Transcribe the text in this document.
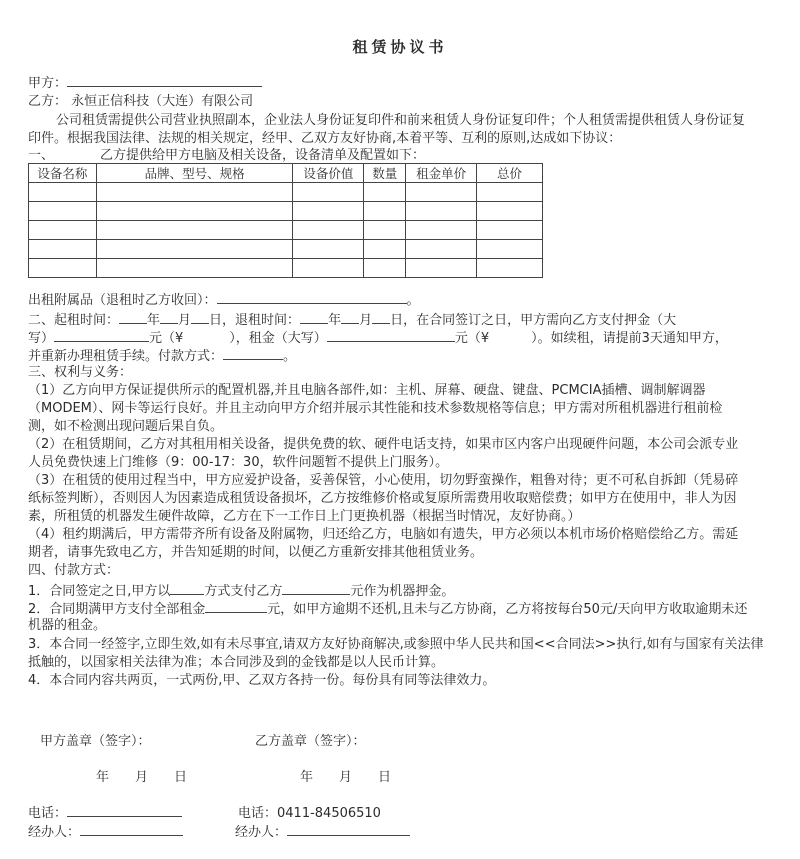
租赁协议书
甲方：
乙方： 永恒正信科技（大连）有限公司
公司租赁需提供公司营业执照副本，企业法人身份证复印件和前来租赁人身份证复印件；个人租赁需提供租赁人身份证复
印件。根据我国法律、法规的相关规定，经甲、乙双方友好协商,本着平等、互利的原则,达成如下协议：
一、	乙方提供给甲方电脑及相关设备，设备清单及配置如下：
设备名称	品牌、型号、规格	设备价值	数量	租金单价	总价

出租附属品（退租时乙方收回）：	。
二、起租时间： 年 月 日，退租时间： 年 月 日，在合同签订之日，甲方需向乙方支付押金（大
写）	元（¥	），租金（大写）	元（¥	）。如续租，请提前3天通知甲方，
并重新办理租赁手续。付款方式：	。
三、权利与义务：
（1）乙方向甲方保证提供所示的配置机器,并且电脑各部件,如：主机、屏幕、硬盘、键盘、PCMCIA插槽、调制解调器
（MODEM）、网卡等运行良好。并且主动向甲方介绍并展示其性能和技术参数规格等信息；甲方需对所租机器进行租前检
测，如不检测出现问题后果自负。
（2）在租赁期间，乙方对其租用相关设备，提供免费的软、硬件电话支持，如果市区内客户出现硬件问题，本公司会派专业
人员免费快速上门维修（9：00-17：30，软件问题暂不提供上门服务）。
（3）在租赁的使用过程当中，甲方应爱护设备，妥善保管，小心使用，切勿野蛮操作，粗鲁对待；更不可私自拆卸（凭易碎
纸标签判断），否则因人为因素造成租赁设备损坏，乙方按维修价格或复原所需费用收取赔偿费；如甲方在使用中，非人为因
素，所租赁的机器发生硬件故障，乙方在下一工作日上门更换机器（根据当时情况，友好协商。）
（4）租约期满后，甲方需带齐所有设备及附属物，归还给乙方，电脑如有遗失，甲方必须以本机市场价格赔偿给乙方。需延
期者，请事先致电乙方，并告知延期的时间，以便乙方重新安排其他租赁业务。
四、付款方式：
1．合同签定之日,甲方以	方式支付乙方	元作为机器押金。
2．合同期满甲方支付全部租金	元，如甲方逾期不还机,且未与乙方协商，乙方将按每台50元/天向甲方收取逾期未还
机器的租金。
3．本合同一经签字,立即生效,如有未尽事宜,请双方友好协商解决,或参照中华人民共和国<<合同法>>执行,如有与国家有关法律
抵触的，以国家相关法律为准；本合同涉及到的金钱都是以人民币计算。
4．本合同内容共两页，一式两份,甲、乙双方各持一份。每份具有同等法律效力。
甲方盖章（签字）：	乙方盖章（签字）：
年　　月　　日	年　　月　　日
电话：	电话：0411-84506510
经办人：	经办人：
